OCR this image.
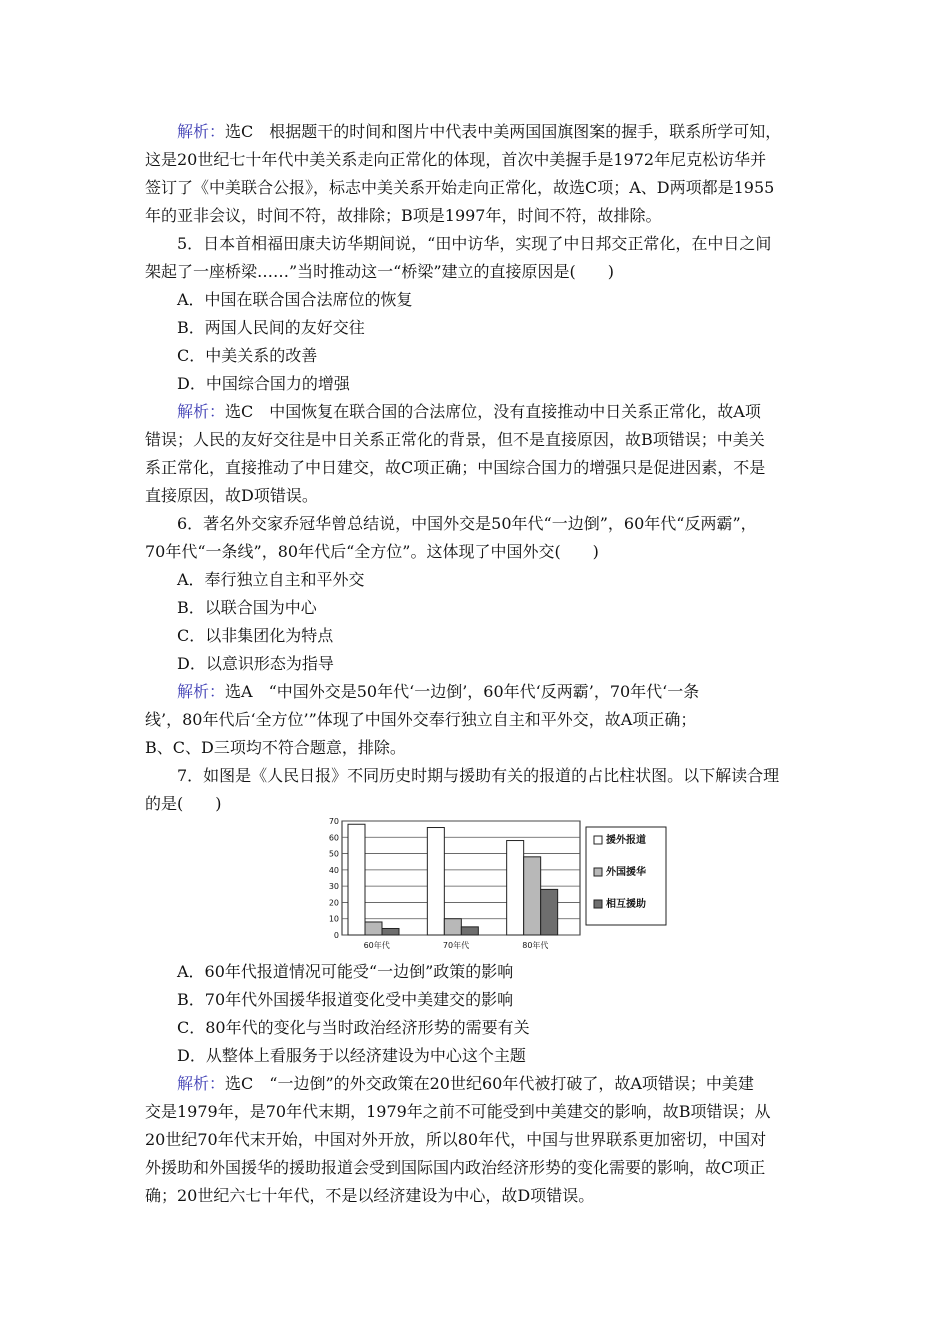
解析：选C　根据题干的时间和图片中代表中美两国国旗图案的握手，联系所学可知，
这是20世纪七十年代中美关系走向正常化的体现，首次中美握手是1972年尼克松访华并
签订了《中美联合公报》，标志中美关系开始走向正常化，故选C项；A、D两项都是1955
年的亚非会议，时间不符，故排除；B项是1997年，时间不符，故排除。
5．日本首相福田康夫访华期间说，“田中访华，实现了中日邦交正常化，在中日之间
架起了一座桥梁……”当时推动这一“桥梁”建立的直接原因是(　　)
A．中国在联合国合法席位的恢复
B．两国人民间的友好交往
C．中美关系的改善
D．中国综合国力的增强
解析：选C　中国恢复在联合国的合法席位，没有直接推动中日关系正常化，故A项
错误；人民的友好交往是中日关系正常化的背景，但不是直接原因，故B项错误；中美关
系正常化，直接推动了中日建交，故C项正确；中国综合国力的增强只是促进因素，不是
直接原因，故D项错误。
6．著名外交家乔冠华曾总结说，中国外交是50年代“一边倒”，60年代“反两霸”，
70年代“一条线”，80年代后“全方位”。这体现了中国外交(　　)
A．奉行独立自主和平外交
B．以联合国为中心
C．以非集团化为特点
D．以意识形态为指导
解析：选A　“中国外交是50年代‘一边倒’，60年代‘反两霸’，70年代‘一条
线’，80年代后‘全方位’”体现了中国外交奉行独立自主和平外交，故A项正确；
B、C、D三项均不符合题意，排除。
7．如图是《人民日报》不同历史时期与援助有关的报道的占比柱状图。以下解读合理
的是(　　)
0
10
20
30
40
50
60
70
60年代	70年代	80年代
援外报道
外国援华
相互援助
A．60年代报道情况可能受“一边倒”政策的影响
B．70年代外国援华报道变化受中美建交的影响
C．80年代的变化与当时政治经济形势的需要有关
D．从整体上看服务于以经济建设为中心这个主题
解析：选C　“一边倒”的外交政策在20世纪60年代被打破了，故A项错误；中美建
交是1979年，是70年代末期，1979年之前不可能受到中美建交的影响，故B项错误；从
20世纪70年代末开始，中国对外开放，所以80年代，中国与世界联系更加密切，中国对
外援助和外国援华的援助报道会受到国际国内政治经济形势的变化需要的影响，故C项正
确；20世纪六七十年代，不是以经济建设为中心，故D项错误。
